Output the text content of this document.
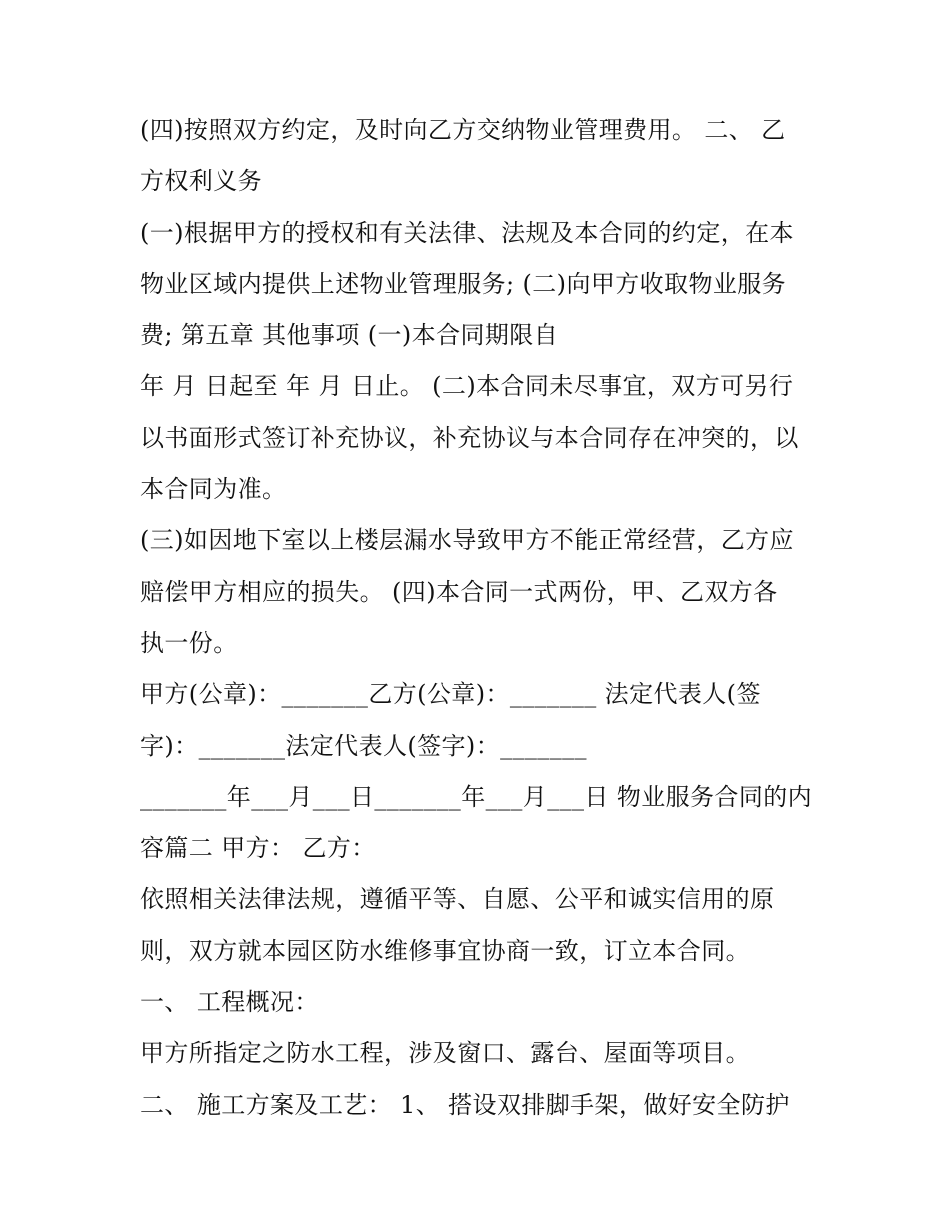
(四)按照双方约定，及时向乙方交纳物业管理费用。 二、 乙
方权利义务
(一)根据甲方的授权和有关法律、法规及本合同的约定，在本
物业区域内提供上述物业管理服务; (二)向甲方收取物业服务
费; 第五章 其他事项 (一)本合同期限自
年 月 日起至 年 月 日止。 (二)本合同未尽事宜，双方可另行
以书面形式签订补充协议，补充协议与本合同存在冲突的，以
本合同为准。
(三)如因地下室以上楼层漏水导致甲方不能正常经营，乙方应
赔偿甲方相应的损失。 (四)本合同一式两份，甲、乙双方各
执一份。
甲方(公章)：_______乙方(公章)：_______ 法定代表人(签
字)：_______法定代表人(签字)：_______
_______年___月___日_______年___月___日 物业服务合同的内
容篇二 甲方： 乙方：
依照相关法律法规，遵循平等、自愿、公平和诚实信用的原
则，双方就本园区防水维修事宜协商一致，订立本合同。
一、 工程概况：
甲方所指定之防水工程，涉及窗口、露台、屋面等项目。
二、 施工方案及工艺： 1、 搭设双排脚手架，做好安全防护
